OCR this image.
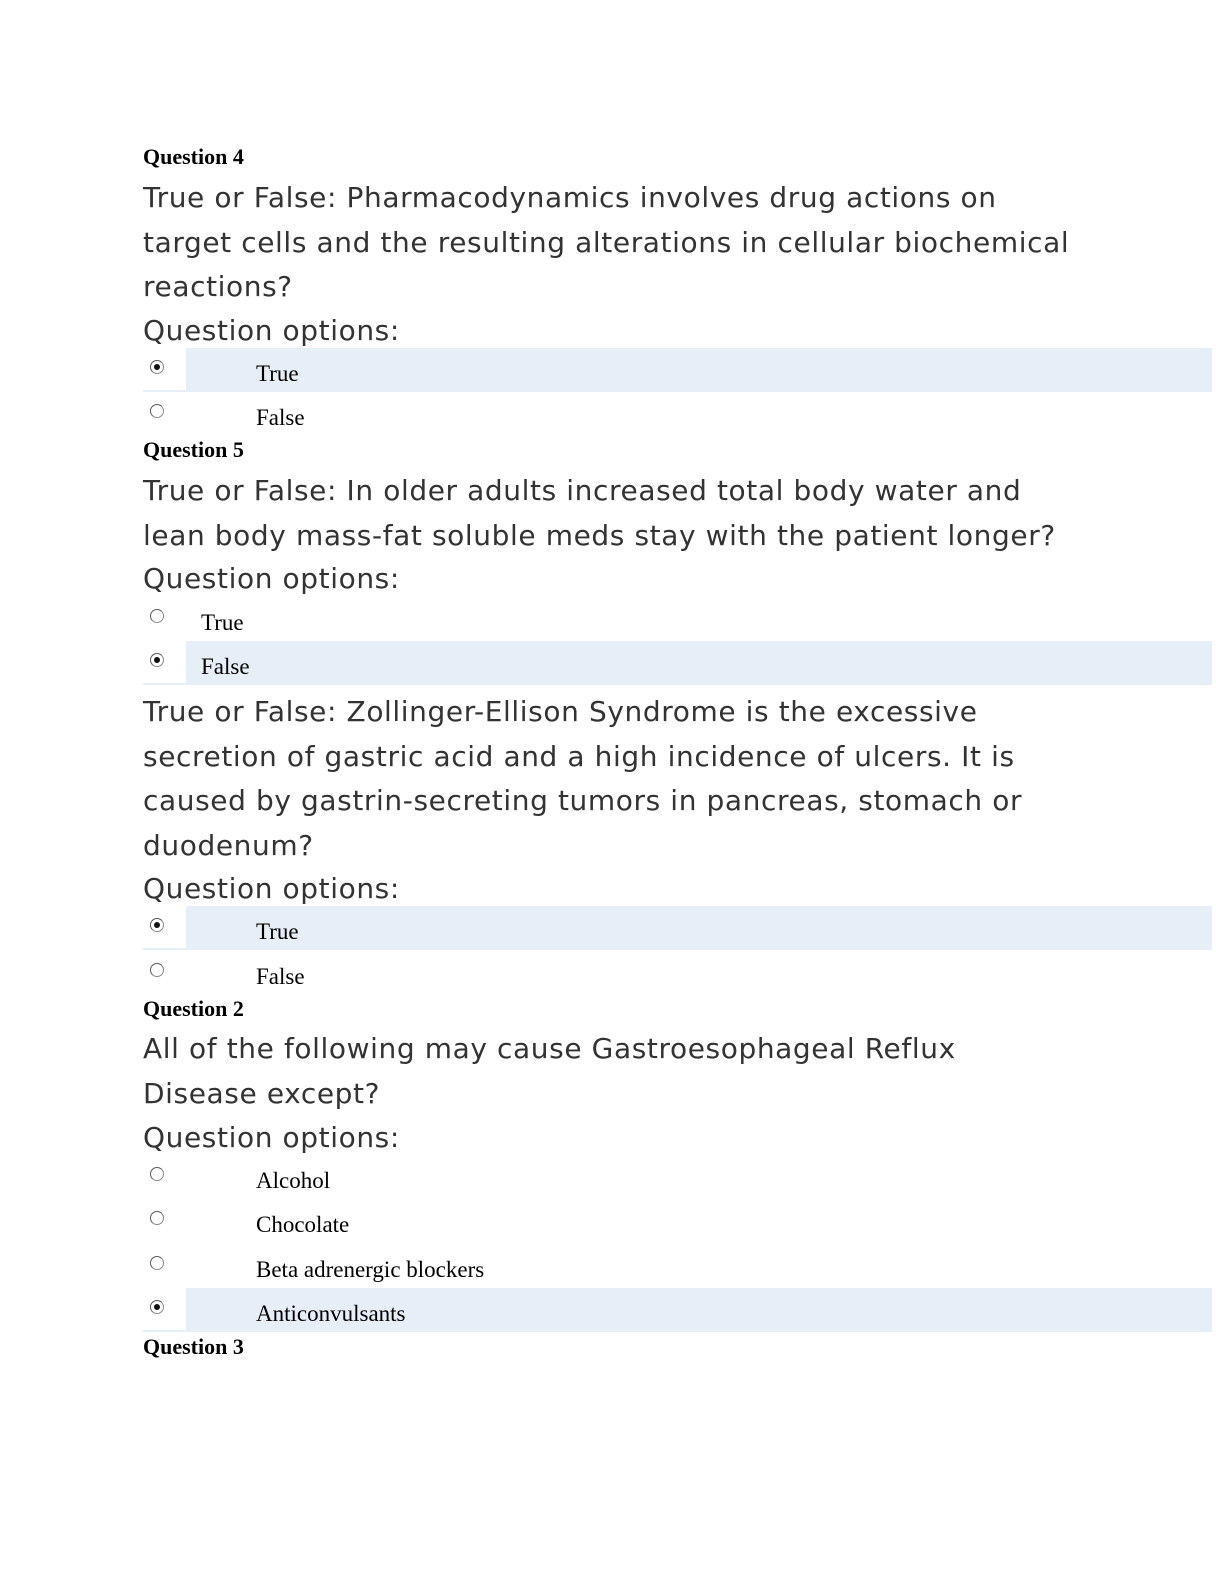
Question 4
True or False: Pharmacodynamics involves drug actions on target cells and the resulting alterations in cellular biochemical reactions?
Question options:
True
False
Question 5
True or False: In older adults increased total body water and lean body mass-fat soluble meds stay with the patient longer?
Question options:
True
False
True or False: Zollinger-Ellison Syndrome is the excessive secretion of gastric acid and a high incidence of ulcers. It is caused by gastrin-secreting tumors in pancreas, stomach or duodenum?
Question options:
True
False
Question 2
All of the following may cause Gastroesophageal Reflux Disease except?
Question options:
Alcohol
Chocolate
Beta adrenergic blockers
Anticonvulsants
Question 3
